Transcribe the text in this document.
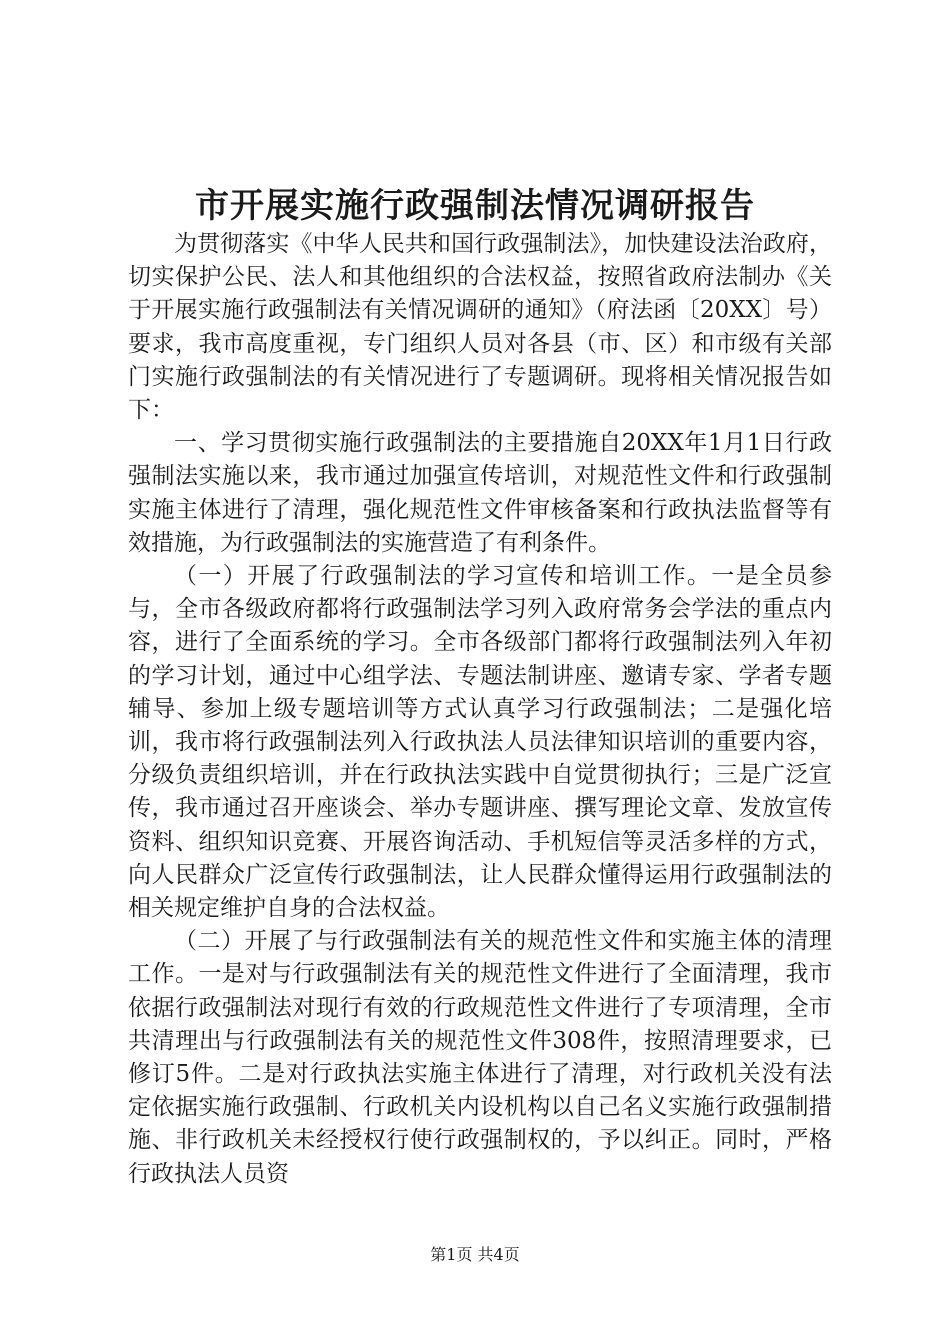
市开展实施行政强制法情况调研报告

为贯彻落实《中华人民共和国行政强制法》，加快建设法治政府，切实保护公民、法人和其他组织的合法权益，按照省政府法制办《关于开展实施行政强制法有关情况调研的通知》（府法函〔20XX〕号）要求，我市高度重视，专门组织人员对各县（市、区）和市级有关部门实施行政强制法的有关情况进行了专题调研。现将相关情况报告如下：

一、学习贯彻实施行政强制法的主要措施自20XX年1月1日行政强制法实施以来，我市通过加强宣传培训，对规范性文件和行政强制实施主体进行了清理，强化规范性文件审核备案和行政执法监督等有效措施，为行政强制法的实施营造了有利条件。

（一）开展了行政强制法的学习宣传和培训工作。一是全员参与，全市各级政府都将行政强制法学习列入政府常务会学法的重点内容，进行了全面系统的学习。全市各级部门都将行政强制法列入年初的学习计划，通过中心组学法、专题法制讲座、邀请专家、学者专题辅导、参加上级专题培训等方式认真学习行政强制法；二是强化培训，我市将行政强制法列入行政执法人员法律知识培训的重要内容，分级负责组织培训，并在行政执法实践中自觉贯彻执行；三是广泛宣传，我市通过召开座谈会、举办专题讲座、撰写理论文章、发放宣传资料、组织知识竞赛、开展咨询活动、手机短信等灵活多样的方式，向人民群众广泛宣传行政强制法，让人民群众懂得运用行政强制法的相关规定维护自身的合法权益。

（二）开展了与行政强制法有关的规范性文件和实施主体的清理工作。一是对与行政强制法有关的规范性文件进行了全面清理，我市依据行政强制法对现行有效的行政规范性文件进行了专项清理，全市共清理出与行政强制法有关的规范性文件308件，按照清理要求，已修订5件。二是对行政执法实施主体进行了清理，对行政机关没有法定依据实施行政强制、行政机关内设机构以自己名义实施行政强制措施、非行政机关未经授权行使行政强制权的，予以纠正。同时，严格行政执法人员资

第1页 共4页
